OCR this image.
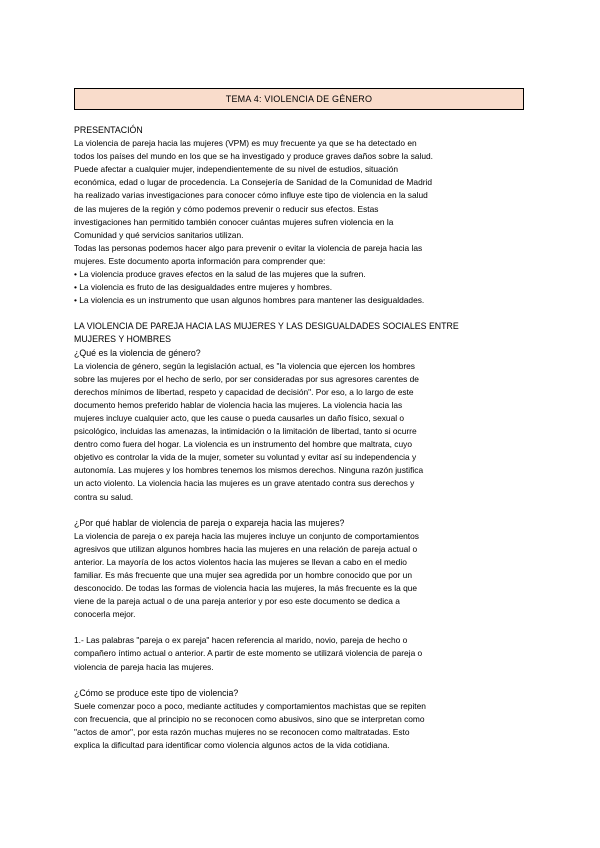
TEMA 4: VIOLENCIA DE GÉNERO

PRESENTACIÓN

La violencia de pareja hacia las mujeres (VPM) es muy frecuente ya que se ha detectado en

todos los países del mundo en los que se ha investigado y produce graves daños sobre la salud.

Puede afectar a cualquier mujer, independientemente de su nivel de estudios, situación

económica, edad o lugar de procedencia. La Consejería de Sanidad de la Comunidad de Madrid

ha realizado varias investigaciones para conocer cómo influye este tipo de violencia en la salud

de las mujeres de la región y cómo podemos prevenir o reducir sus efectos. Estas

investigaciones han permitido también conocer cuántas mujeres sufren violencia en la

Comunidad y qué servicios sanitarios utilizan.

Todas las personas podemos hacer algo para prevenir o evitar la violencia de pareja hacia las

mujeres. Este documento aporta información para comprender que:

• La violencia produce graves efectos en la salud de las mujeres que la sufren.

• La violencia es fruto de las desigualdades entre mujeres y hombres.

• La violencia es un instrumento que usan algunos hombres para mantener las desigualdades.

LA VIOLENCIA DE PAREJA HACIA LAS MUJERES Y LAS DESIGUALDADES SOCIALES ENTRE

MUJERES Y HOMBRES

¿Qué es la violencia de género?

La violencia de género, según la legislación actual, es "la violencia que ejercen los hombres

sobre las mujeres por el hecho de serlo, por ser consideradas por sus agresores carentes de

derechos mínimos de libertad, respeto y capacidad de decisión". Por eso, a lo largo de este

documento hemos preferido hablar de violencia hacia las mujeres. La violencia hacia las

mujeres incluye cualquier acto, que les cause o pueda causarles un daño físico, sexual o

psicológico, incluidas las amenazas, la intimidación o la limitación de libertad, tanto si ocurre

dentro como fuera del hogar. La violencia es un instrumento del hombre que maltrata, cuyo

objetivo es controlar la vida de la mujer, someter su voluntad y evitar así su independencia y

autonomía. Las mujeres y los hombres tenemos los mismos derechos. Ninguna razón justifica

un acto violento. La violencia hacia las mujeres es un grave atentado contra sus derechos y

contra su salud.

¿Por qué hablar de violencia de pareja o expareja hacia las mujeres?

La violencia de pareja o ex pareja hacia las mujeres incluye un conjunto de comportamientos

agresivos que utilizan algunos hombres hacia las mujeres en una relación de pareja actual o

anterior. La mayoría de los actos violentos hacia las mujeres se llevan a cabo en el medio

familiar. Es más frecuente que una mujer sea agredida por un hombre conocido que por un

desconocido. De todas las formas de violencia hacia las mujeres, la más frecuente es la que

viene de la pareja actual o de una pareja anterior y por eso este documento se dedica a

conocerla mejor.

1.- Las palabras "pareja o ex pareja" hacen referencia al marido, novio, pareja de hecho o

compañero íntimo actual o anterior. A partir de este momento se utilizará violencia de pareja o

violencia de pareja hacia las mujeres.

¿Cómo se produce este tipo de violencia?

Suele comenzar poco a poco, mediante actitudes y comportamientos machistas que se repiten

con frecuencia, que al principio no se reconocen como abusivos, sino que se interpretan como

"actos de amor", por esta razón muchas mujeres no se reconocen como maltratadas. Esto

explica la dificultad para identificar como violencia algunos actos de la vida cotidiana.
